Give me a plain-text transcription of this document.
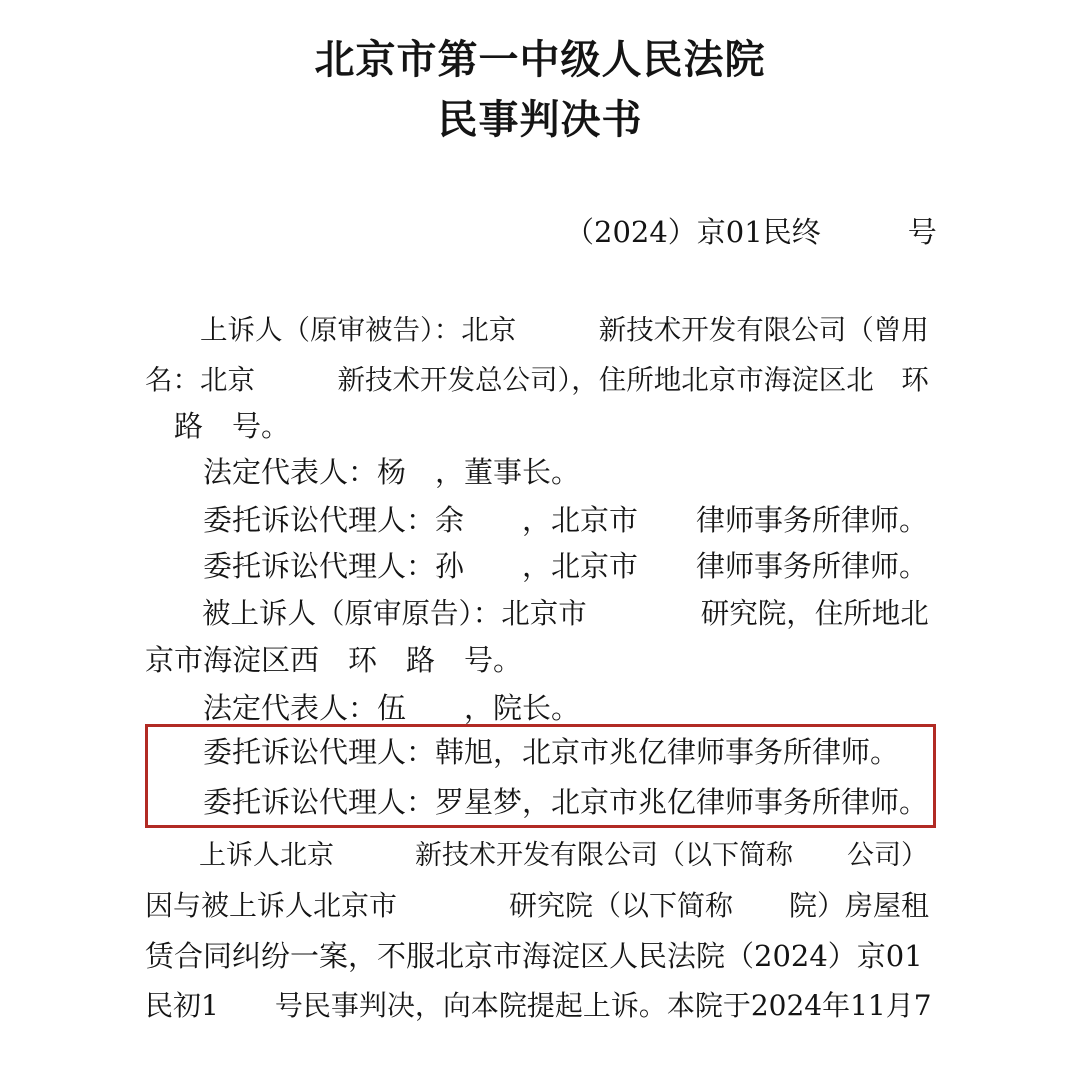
北京市第一中级人民法院
民事判决书
（2024）京01民终　　　号
　　上诉人（原审被告）：北京　　　新技术开发有限公司（曾用
名：北京　　　新技术开发总公司），住所地北京市海淀区北　环
　路　号。
　　法定代表人：杨　，董事长。
　　委托诉讼代理人：余　　，北京市　　律师事务所律师。
　　委托诉讼代理人：孙　　，北京市　　律师事务所律师。
　　被上诉人（原审原告）：北京市　　　　研究院，住所地北
京市海淀区西　环　路　号。
　　法定代表人：伍　　，院长。
　　委托诉讼代理人：韩旭，北京市兆亿律师事务所律师。
　　委托诉讼代理人：罗星梦，北京市兆亿律师事务所律师。
　　上诉人北京　　　新技术开发有限公司（以下简称　　公司）
因与被上诉人北京市　　　　研究院（以下简称　　院）房屋租
赁合同纠纷一案，不服北京市海淀区人民法院（2024）京01
民初1　　号民事判决，向本院提起上诉。本院于2024年11月7
